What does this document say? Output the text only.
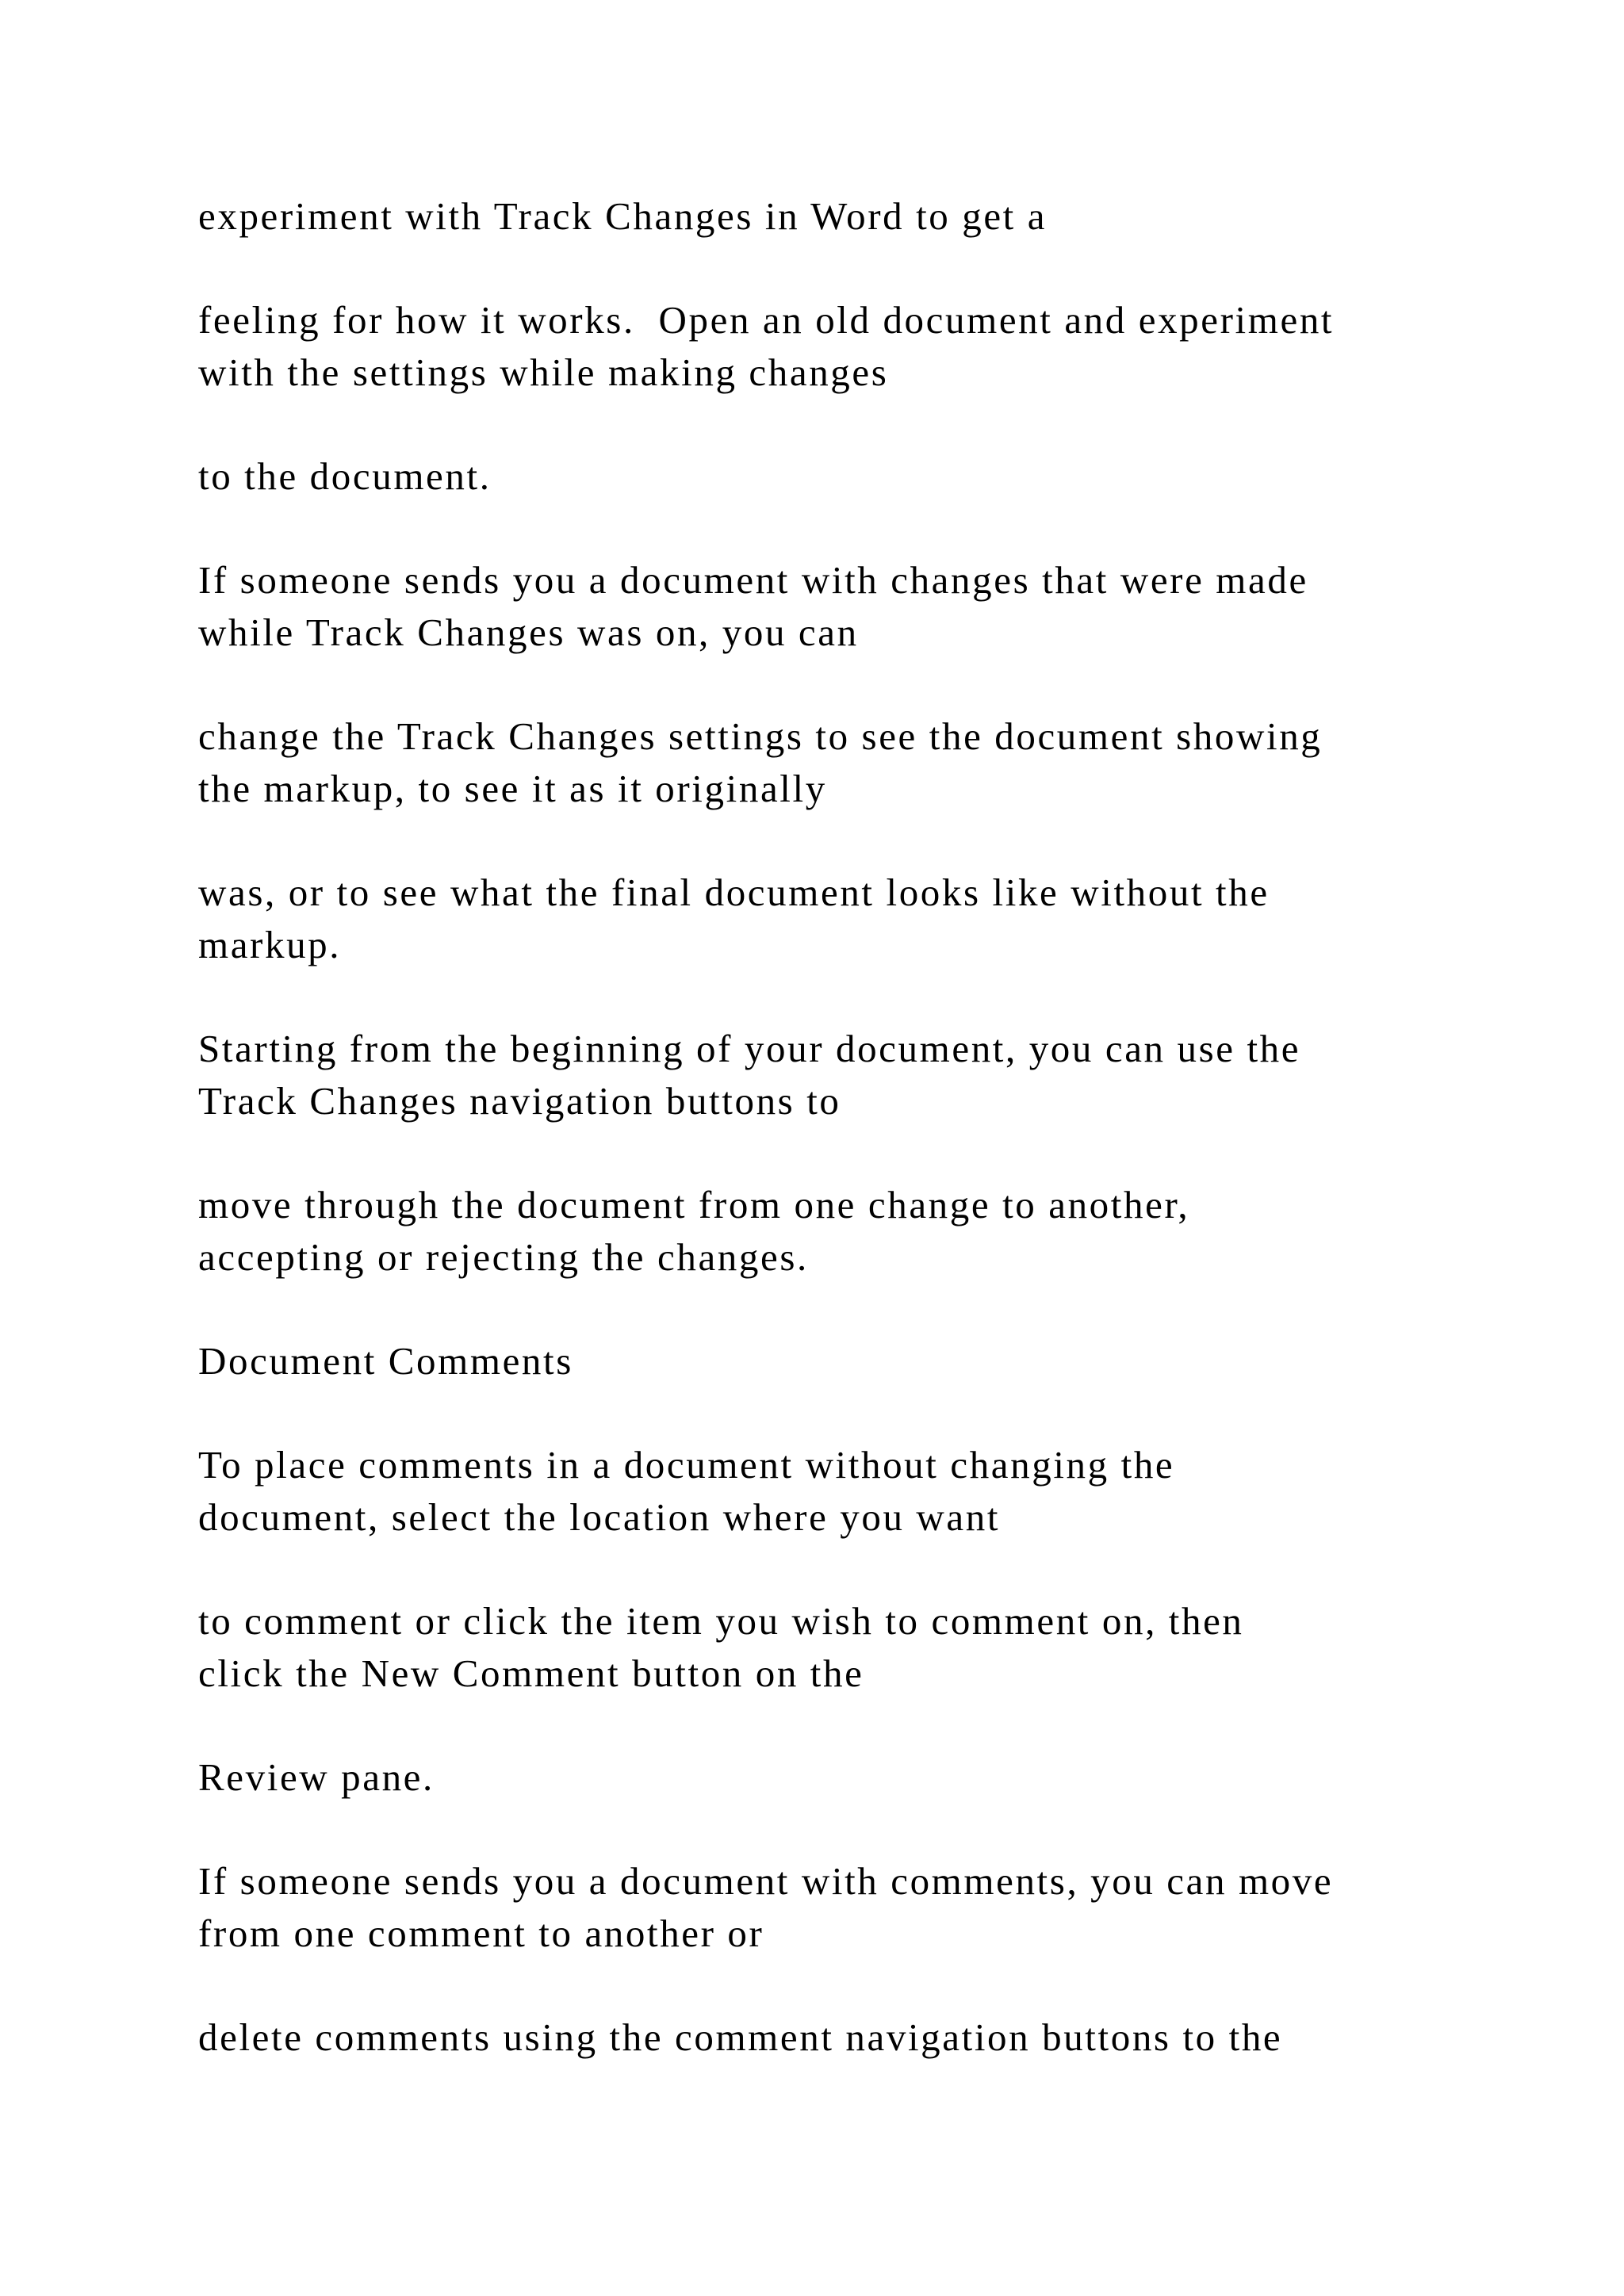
experiment with Track Changes in Word to get a

feeling for how it works.  Open an old document and experiment
with the settings while making changes

to the document.

If someone sends you a document with changes that were made
while Track Changes was on, you can

change the Track Changes settings to see the document showing
the markup, to see it as it originally

was, or to see what the final document looks like without the
markup.

Starting from the beginning of your document, you can use the
Track Changes navigation buttons to

move through the document from one change to another,
accepting or rejecting the changes.

Document Comments

To place comments in a document without changing the
document, select the location where you want

to comment or click the item you wish to comment on, then
click the New Comment button on the

Review pane.

If someone sends you a document with comments, you can move
from one comment to another or

delete comments using the comment navigation buttons to the
